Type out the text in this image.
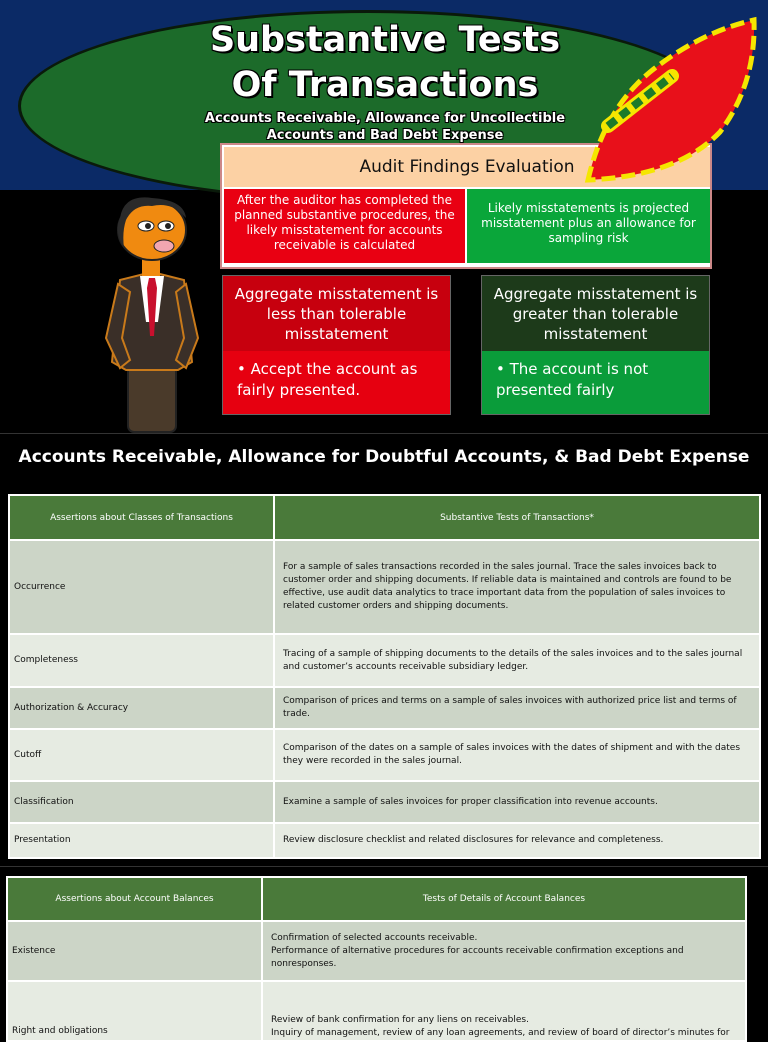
Substantive Tests
Of Transactions
Accounts Receivable, Allowance for Uncollectible
Accounts and Bad Debt Expense
Audit Findings Evaluation
After the auditor has completed the planned substantive procedures, the likely misstatement for accounts receivable is calculated
Likely misstatements is projected misstatement plus an allowance for sampling risk
Aggregate misstatement is less than tolerable misstatement
• Accept the account as fairly presented.
Aggregate misstatement is greater than tolerable misstatement
• The account is not presented fairly
Accounts Receivable, Allowance for Doubtful Accounts, & Bad Debt Expense
Assertions about Classes of Transactions	Substantive Tests of Transactions*
Occurrence	For a sample of sales transactions recorded in the sales journal. Trace the sales invoices back to customer order and shipping documents. If reliable data is maintained and controls are found to be effective, use audit data analytics to trace important data from the population of sales invoices to related customer orders and shipping documents.
Completeness	Tracing of a sample of shipping documents to the details of the sales invoices and to the sales journal and customer’s accounts receivable subsidiary ledger.
Authorization & Accuracy	Comparison of prices and terms on a sample of sales invoices with authorized price list and terms of trade.
Cutoff	Comparison of the dates on a sample of sales invoices with the dates of shipment and with the dates they were recorded in the sales journal.
Classification	Examine a sample of sales invoices for proper classification into revenue accounts.
Presentation	Review disclosure checklist and related disclosures for relevance and completeness.
Assertions about Account Balances	Tests of Details of Account Balances
Existence	Confirmation of selected accounts receivable.
Performance of alternative procedures for accounts receivable confirmation exceptions and nonresponses.

Right and obligations	Review of bank confirmation for any liens on receivables.
Inquiry of management, review of any loan agreements, and review of board of director’s minutes for
